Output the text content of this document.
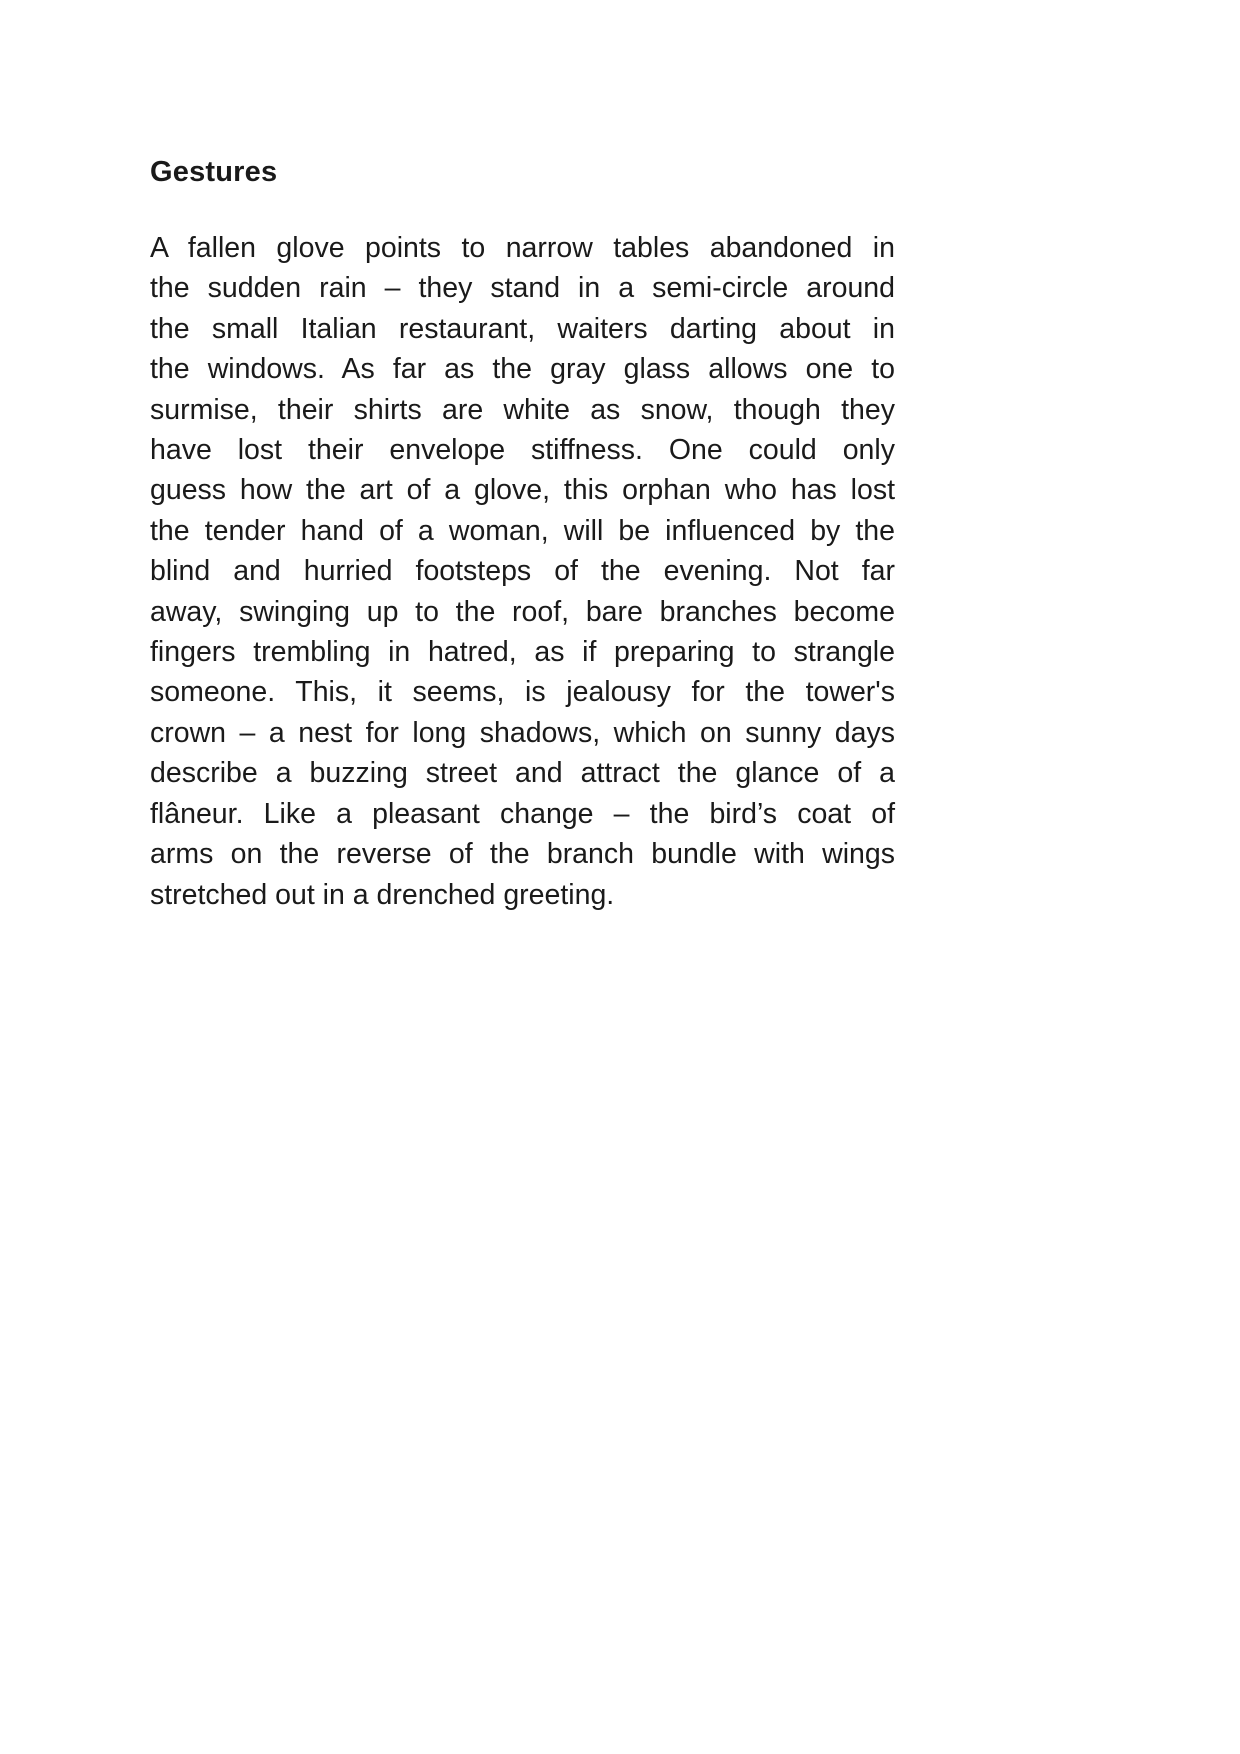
Gestures

A fallen glove points to narrow tables abandoned in
the sudden rain – they stand in a semi-circle around
the small Italian restaurant, waiters darting about in
the windows. As far as the gray glass allows one to
surmise, their shirts are white as snow, though they
have lost their envelope stiffness. One could only
guess how the art of a glove, this orphan who has lost
the tender hand of a woman, will be influenced by the
blind and hurried footsteps of the evening. Not far
away, swinging up to the roof, bare branches become
fingers trembling in hatred, as if preparing to strangle
someone. This, it seems, is jealousy for the tower's
crown – a nest for long shadows, which on sunny days
describe a buzzing street and attract the glance of a
flâneur. Like a pleasant change – the bird’s coat of
arms on the reverse of the branch bundle with wings
stretched out in a drenched greeting.
